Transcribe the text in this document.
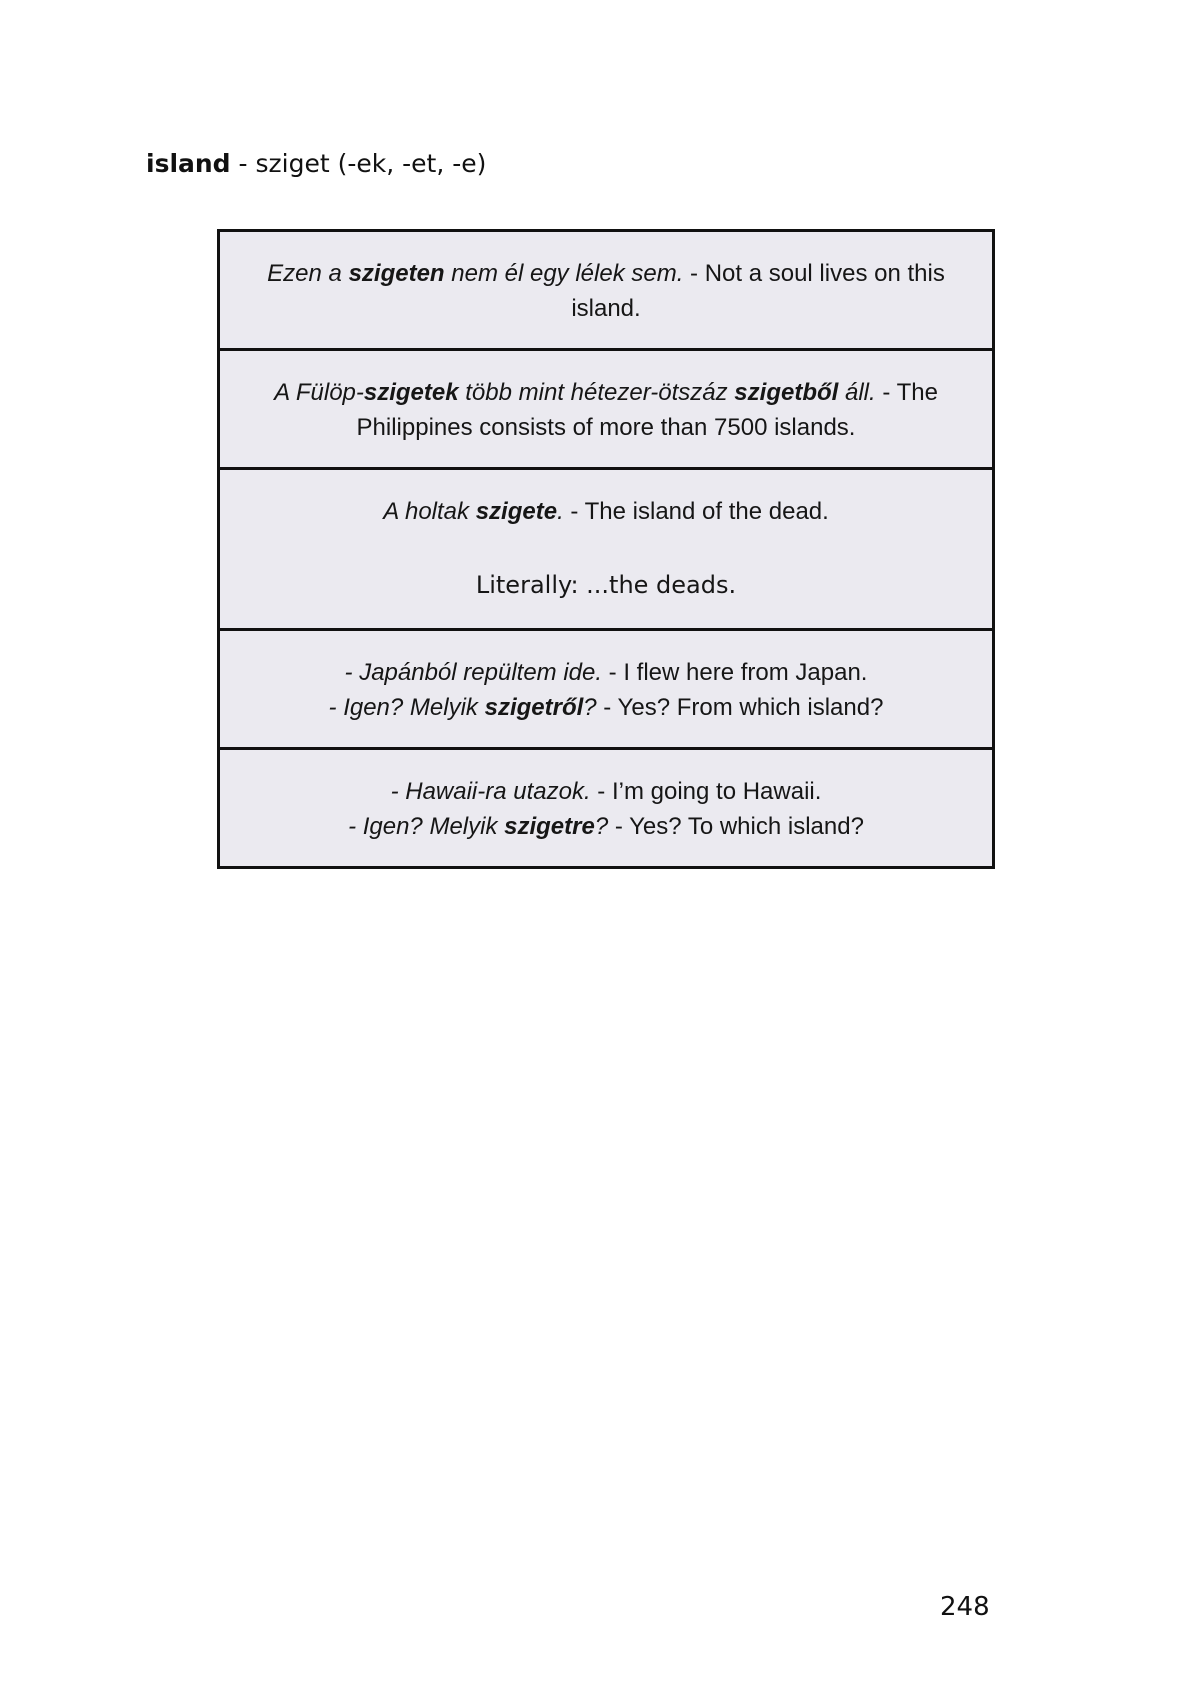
island - sziget (-ek, -et, -e)
Ezen a szigeten nem él egy lélek sem. - Not a soul lives on this island.
A Fülöp-szigetek több mint hétezer-ötszáz szigetből áll. - The Philippines consists of more than 7500 islands.

A holtak szigete. - The island of the dead.
Literally: ...the deads.

- Japánból repültem ide. - I flew here from Japan.
- Igen? Melyik szigetről? - Yes? From which island?

- Hawaii-ra utazok. - I’m going to Hawaii.
- Igen? Melyik szigetre? - Yes? To which island?
248
